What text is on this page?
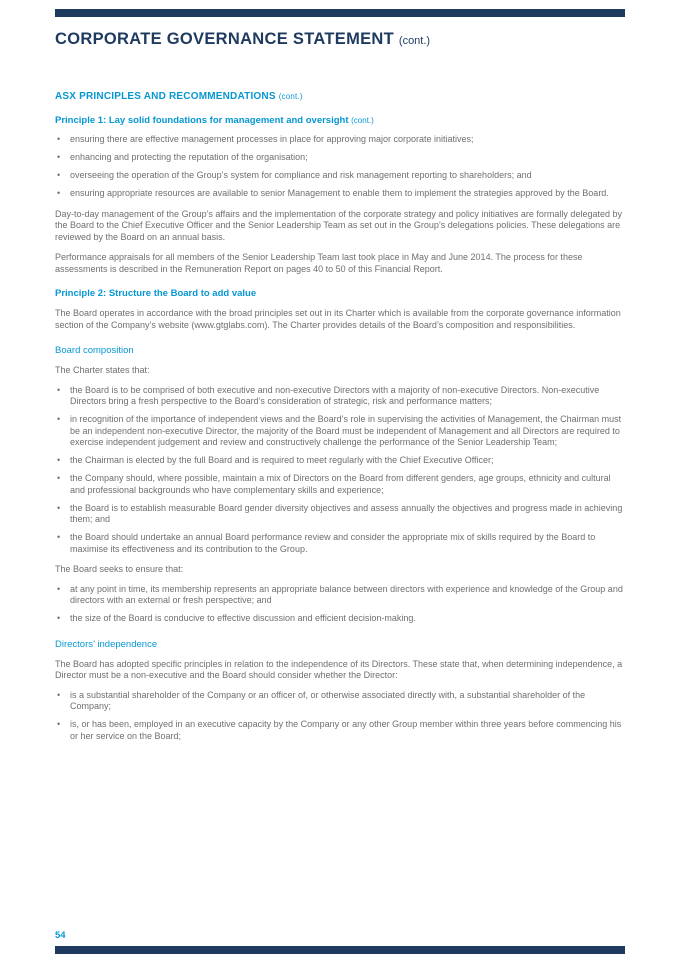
CORPORATE GOVERNANCE STATEMENT (cont.)
ASX PRINCIPLES AND RECOMMENDATIONS (cont.)
Principle 1: Lay solid foundations for management and oversight (cont.)
• ensuring there are effective management processes in place for approving major corporate initiatives;
• enhancing and protecting the reputation of the organisation;
• overseeing the operation of the Group’s system for compliance and risk management reporting to shareholders; and
• ensuring appropriate resources are available to senior Management to enable them to implement the strategies approved by the Board.

Day-to-day management of the Group’s affairs and the implementation of the corporate strategy and policy initiatives are formally delegated by the Board to the Chief Executive Officer and the Senior Leadership Team as set out in the Group’s delegations policies. These delegations are reviewed by the Board on an annual basis.

Performance appraisals for all members of the Senior Leadership Team last took place in May and June 2014. The process for these assessments is described in the Remuneration Report on pages 40 to 50 of this Financial Report.

Principle 2: Structure the Board to add value

The Board operates in accordance with the broad principles set out in its Charter which is available from the corporate governance information section of the Company’s website (www.gtglabs.com). The Charter provides details of the Board’s composition and responsibilities.

Board composition

The Charter states that:

• the Board is to be comprised of both executive and non-executive Directors with a majority of non-executive Directors. Non-executive Directors bring a fresh perspective to the Board’s consideration of strategic, risk and performance matters;
• in recognition of the importance of independent views and the Board’s role in supervising the activities of Management, the Chairman must be an independent non-executive Director, the majority of the Board must be independent of Management and all Directors are required to exercise independent judgement and review and constructively challenge the performance of the Senior Leadership Team;
• the Chairman is elected by the full Board and is required to meet regularly with the Chief Executive Officer;
• the Company should, where possible, maintain a mix of Directors on the Board from different genders, age groups, ethnicity and cultural and professional backgrounds who have complementary skills and experience;
• the Board is to establish measurable Board gender diversity objectives and assess annually the objectives and progress made in achieving them; and
• the Board should undertake an annual Board performance review and consider the appropriate mix of skills required by the Board to maximise its effectiveness and its contribution to the Group.

The Board seeks to ensure that:

• at any point in time, its membership represents an appropriate balance between directors with experience and knowledge of the Group and directors with an external or fresh perspective; and
• the size of the Board is conducive to effective discussion and efficient decision-making.
Directors’ independence

The Board has adopted specific principles in relation to the independence of its Directors. These state that, when determining independence, a Director must be a non-executive and the Board should consider whether the Director:

• is a substantial shareholder of the Company or an officer of, or otherwise associated directly with, a substantial shareholder of the Company;
• is, or has been, employed in an executive capacity by the Company or any other Group member within three years before commencing his or her service on the Board;
54
